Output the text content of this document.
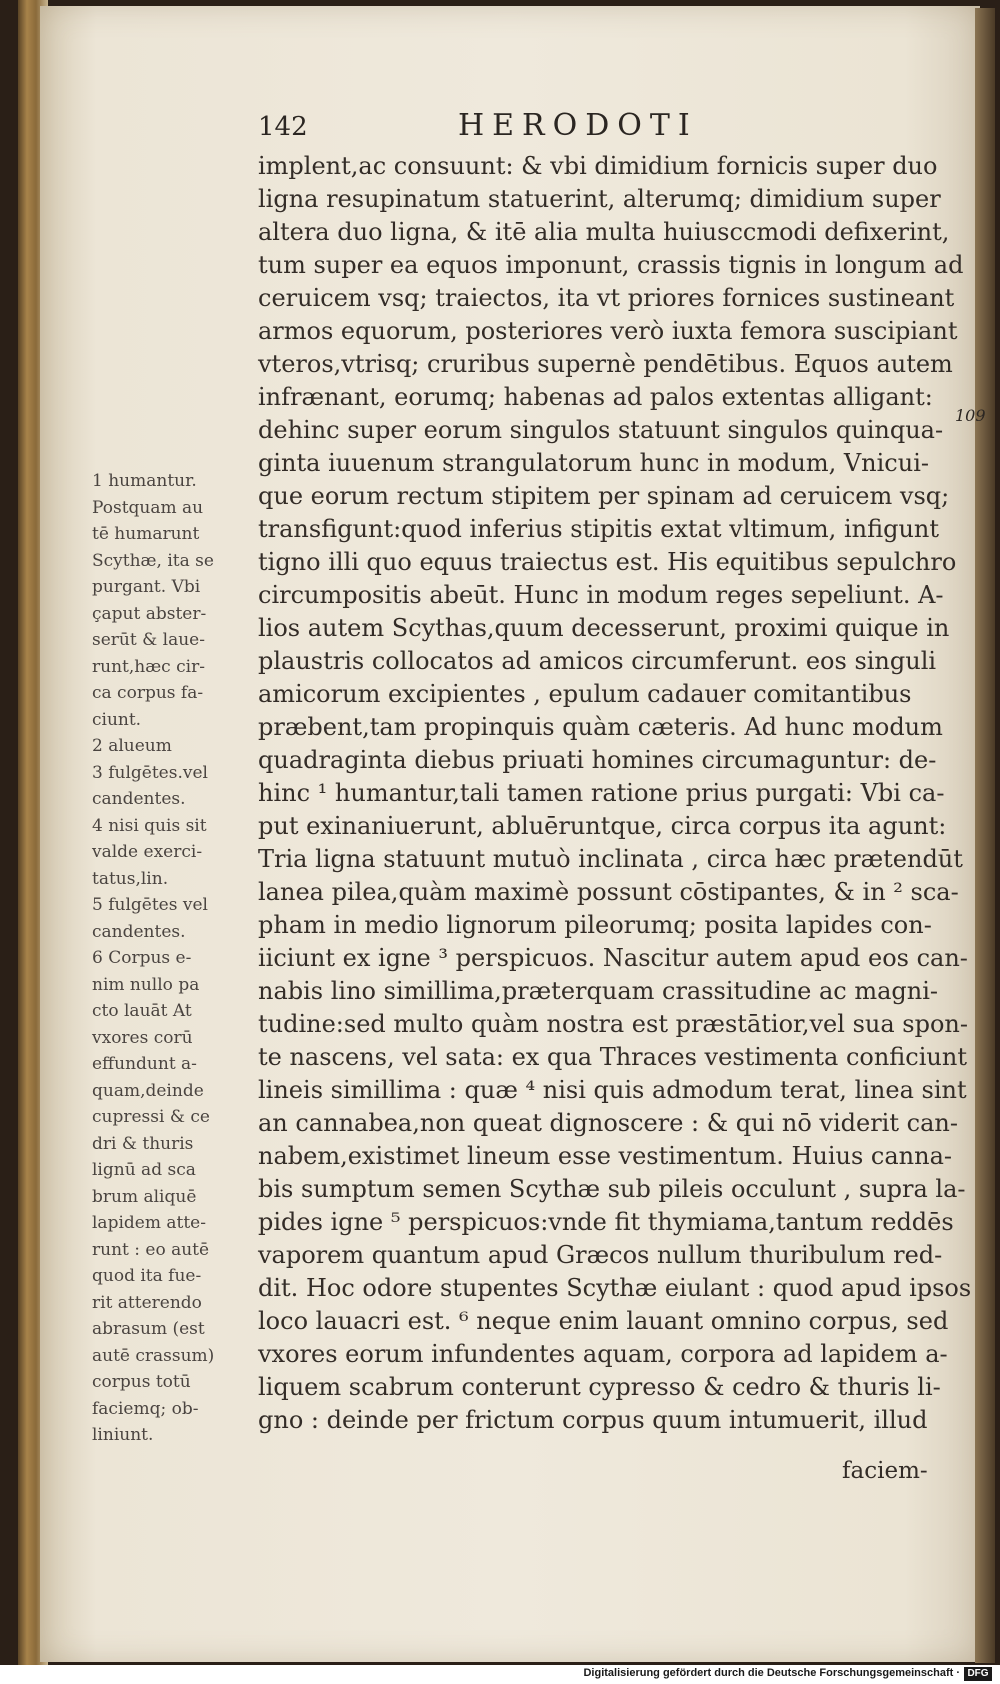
142	HERODOTI
109
1 humantur.
Postquam au
tē humarunt
Scythæ, ita se
purgant. Vbi
çaput abster-
serūt & laue-
runt,hæc cir-
ca corpus fa-
ciunt.
2 alueum
3 fulgētes.vel
candentes.
4 nisi quis sit
valde exerci-
tatus,lin.
5 fulgētes vel
candentes.
6 Corpus e-
nim nullo pa
cto lauāt At
vxores corū
effundunt a-
quam,deinde
cupressi & ce
dri & thuris
lignū ad sca
brum aliquē
lapidem atte-
runt : eo autē
quod ita fue-
rit atterendo
abrasum (est
autē crassum)
corpus totū
faciemq; ob-
liniunt.
implent,ac consuunt: & vbi dimidium fornicis super duo
ligna resupinatum statuerint, alterumq; dimidium super
altera duo ligna, & itē alia multa huiusccmodi defixerint,
tum super ea equos imponunt, crassis tignis in longum ad
ceruicem vsq; traiectos, ita vt priores fornices sustineant
armos equorum, posteriores verò iuxta femora suscipiant
vteros,vtrisq; cruribus supernè pendētibus. Equos autem
infrænant, eorumq; habenas ad palos extentas alligant:
dehinc super eorum singulos statuunt singulos quinqua-
ginta iuuenum strangulatorum hunc in modum, Vnicui-
que eorum rectum stipitem per spinam ad ceruicem vsq;
transfigunt:quod inferius stipitis extat vltimum, infigunt
tigno illi quo equus traiectus est. His equitibus sepulchro
circumpositis abeūt. Hunc in modum reges sepeliunt. A-
lios autem Scythas,quum decesserunt, proximi quique in
plaustris collocatos ad amicos circumferunt. eos singuli
amicorum excipientes , epulum cadauer comitantibus
præbent,tam propinquis quàm cæteris. Ad hunc modum
quadraginta diebus priuati homines circumaguntur: de-
hinc ¹ humantur,tali tamen ratione prius purgati: Vbi ca-
put exinaniuerunt, abluēruntque, circa corpus ita agunt:
Tria ligna statuunt mutuò inclinata , circa hæc prætendūt
lanea pilea,quàm maximè possunt cōstipantes, & in ² sca-
pham in medio lignorum pileorumq; posita lapides con-
iiciunt ex igne ³ perspicuos. Nascitur autem apud eos can-
nabis lino simillima,præterquam crassitudine ac magni-
tudine:sed multo quàm nostra est præstātior,vel sua spon-
te nascens, vel sata: ex qua Thraces vestimenta conficiunt
lineis simillima : quæ ⁴ nisi quis admodum terat, linea sint
an cannabea,non queat dignoscere : & qui nō viderit can-
nabem,existimet lineum esse vestimentum. Huius canna-
bis sumptum semen Scythæ sub pileis occulunt , supra la-
pides igne ⁵ perspicuos:vnde fit thymiama,tantum reddēs
vaporem quantum apud Græcos nullum thuribulum red-
dit. Hoc odore stupentes Scythæ eiulant : quod apud ipsos
loco lauacri est. ⁶ neque enim lauant omnino corpus, sed
vxores eorum infundentes aquam, corpora ad lapidem a-
liquem scabrum conterunt cypresso & cedro & thuris li-
gno : deinde per frictum corpus quum intumuerit, illud
faciem-
Digitalisierung gefördert durch die Deutsche Forschungsgemeinschaft · DFG
